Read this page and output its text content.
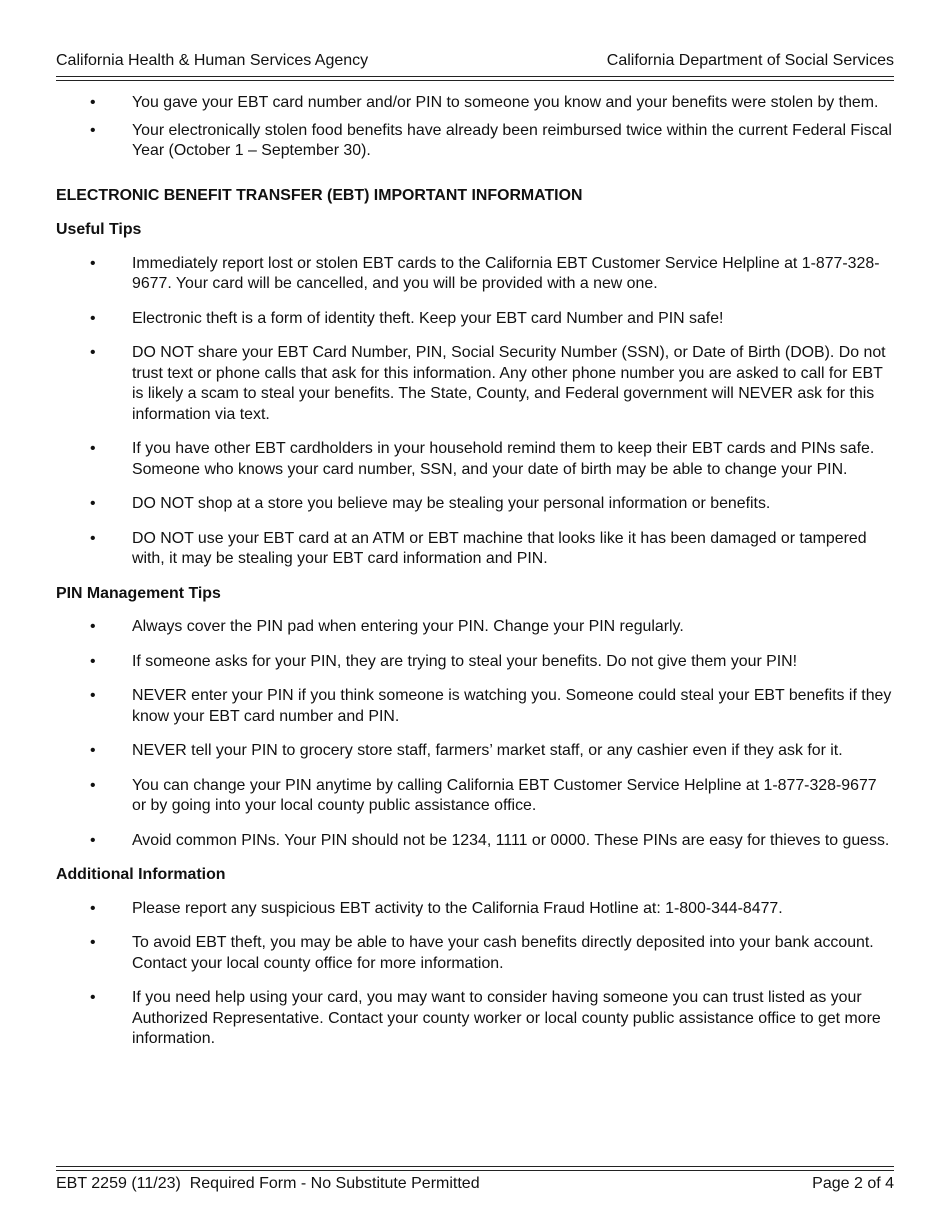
California Health & Human Services Agency	California Department of Social Services
• You gave your EBT card number and/or PIN to someone you know and your benefits were stolen by them.
• Your electronically stolen food benefits have already been reimbursed twice within the current Federal Fiscal Year (October 1 – September 30).
ELECTRONIC BENEFIT TRANSFER (EBT) IMPORTANT INFORMATION
Useful Tips
• Immediately report lost or stolen EBT cards to the California EBT Customer Service Helpline at 1-877-328-9677. Your card will be cancelled, and you will be provided with a new one.
• Electronic theft is a form of identity theft. Keep your EBT card Number and PIN safe!
• DO NOT share your EBT Card Number, PIN, Social Security Number (SSN), or Date of Birth (DOB). Do not trust text or phone calls that ask for this information. Any other phone number you are asked to call for EBT is likely a scam to steal your benefits. The State, County, and Federal government will NEVER ask for this information via text.
• If you have other EBT cardholders in your household remind them to keep their EBT cards and PINs safe. Someone who knows your card number, SSN, and your date of birth may be able to change your PIN.
• DO NOT shop at a store you believe may be stealing your personal information or benefits.
• DO NOT use your EBT card at an ATM or EBT machine that looks like it has been damaged or tampered with, it may be stealing your EBT card information and PIN.
PIN Management Tips
• Always cover the PIN pad when entering your PIN. Change your PIN regularly.
• If someone asks for your PIN, they are trying to steal your benefits. Do not give them your PIN!
• NEVER enter your PIN if you think someone is watching you. Someone could steal your EBT benefits if they know your EBT card number and PIN.
• NEVER tell your PIN to grocery store staff, farmers’ market staff, or any cashier even if they ask for it.
• You can change your PIN anytime by calling California EBT Customer Service Helpline at 1-877-328-9677 or by going into your local county public assistance office.
• Avoid common PINs. Your PIN should not be 1234, 1111 or 0000. These PINs are easy for thieves to guess.
Additional Information
• Please report any suspicious EBT activity to the California Fraud Hotline at: 1-800-344-8477.
• To avoid EBT theft, you may be able to have your cash benefits directly deposited into your bank account. Contact your local county office for more information.
• If you need help using your card, you may want to consider having someone you can trust listed as your Authorized Representative. Contact your county worker or local county public assistance office to get more information.
EBT 2259 (11/23)  Required Form - No Substitute Permitted	Page 2 of 4
